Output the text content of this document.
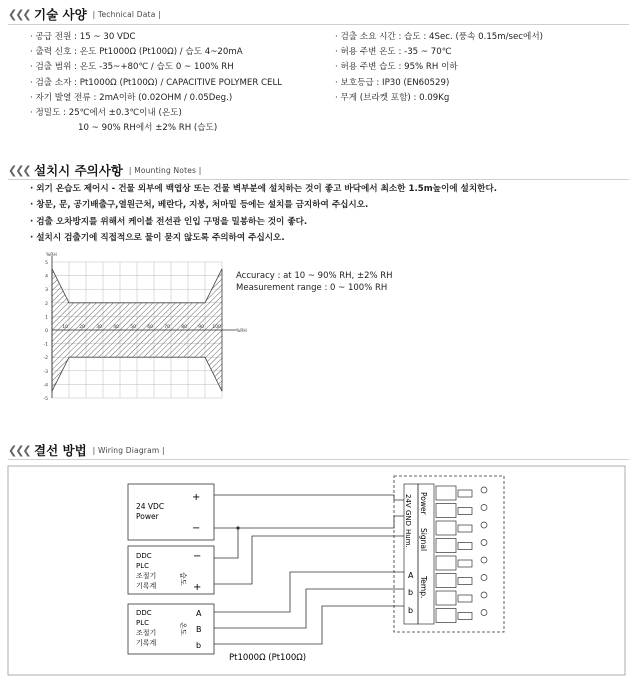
❮❮❮ 기술 사양 | Technical Data |
· 공급 전원 : 15 ~ 30 VDC
· 출력 신호 : 온도 Pt1000Ω (Pt100Ω) / 습도 4~20mA
· 검출 범위 : 온도 -35~+80℃ / 습도 0 ~ 100% RH
· 검출 소자 : Pt1000Ω (Pt100Ω) / CAPACITIVE POLYMER CELL
· 자기 발열 전류 : 2mA이하 (0.02OHM / 0.05Deg.)
· 정밀도 : 25℃에서 ±0.3℃이내 (온도)
10 ~ 90% RH에서 ±2% RH (습도)
· 검출 소요 시간 : 습도 : 4Sec. (풍속 0.15m/sec에서)
· 허용 주변 온도 : -35 ~ 70℃
· 허용 주변 습도 : 95% RH 이하
· 보호등급 : IP30 (EN60529)
· 무게 (브라켓 포함) : 0.09Kg
❮❮❮ 설치시 주의사항 | Mounting Notes |
· 외기 온습도 제어시 - 건물 외부에 백엽상 또는 건물 벽부분에 설치하는 것이 좋고 바닥에서 최소한 1.5m높이에 설치한다.
· 창문, 문, 공기배출구,열원근처, 베란다, 지붕, 처마밑 등에는 설치를 금지하여 주십시오.
· 검출 오차방지를 위해서 케이블 전선관 인입 구멍을 밀봉하는 것이 좋다.
· 설치시 검출기에 직접적으로 물이 묻지 않도록 주의하여 주십시오.
5
4
3
2
1
0
-1
-2
-3
-4
-5
10	20	30	40	50	60	70	80	90 100
%RH
%RH
Accuracy : at 10 ~ 90% RH, ±2% RH
Measurement range : 0 ~ 100% RH
❮❮❮ 결선 방법 | Wiring Diagram |
24 VDC
Power
+
−
DDC
PLC
조절기
기록계
습도
−
+
DDC
PLC
조절기
기록계
온도
A
B
b
Pt1000Ω (Pt100Ω)
24V
GND
Hum.
A
b
b
Power
Signal
Temp.
